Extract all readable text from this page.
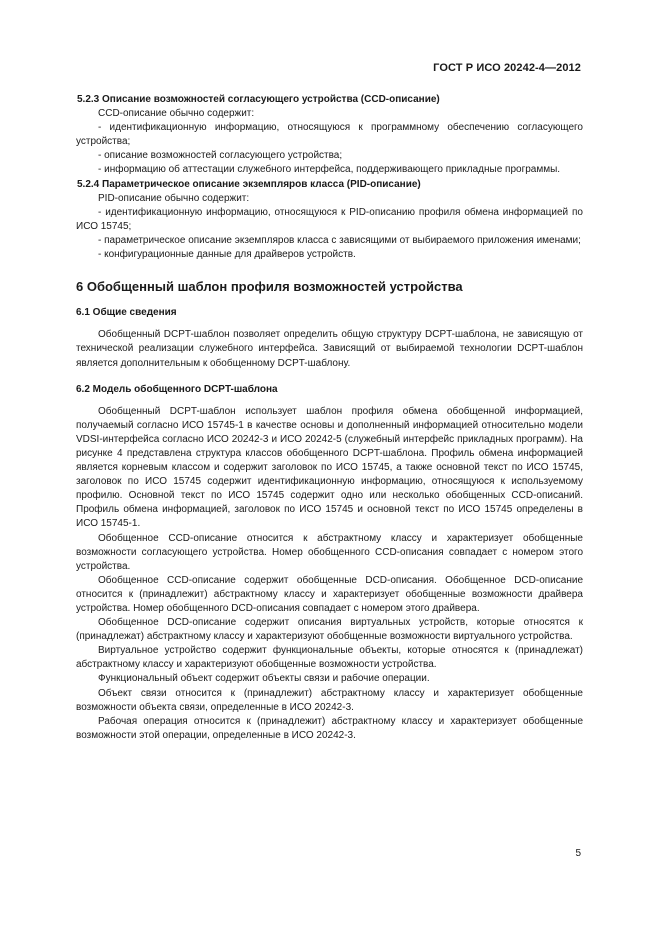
ГОСТ Р ИСО 20242-4—2012

5.2.3 Описание возможностей согласующего устройства (CCD-описание)

CCD-описание обычно содержит:

- идентификационную информацию, относящуюся к программному обеспечению согласующего устройства;

- описание возможностей согласующего устройства;

- информацию об аттестации служебного интерфейса, поддерживающего прикладные программы.

5.2.4 Параметрическое описание экземпляров класса (PID-описание)

PID-описание обычно содержит:

- идентификационную информацию, относящуюся к PID-описанию профиля обмена информацией по ИСО 15745;

- параметрическое описание экземпляров класса с зависящими от выбираемого приложения именами;

- конфигурационные данные для драйверов устройств.

6 Обобщенный шаблон профиля возможностей устройства
6.1 Общие сведения

Обобщенный DCPT-шаблон позволяет определить общую структуру DCPT-шаблона, не зависящую от технической реализации служебного интерфейса. Зависящий от выбираемой технологии DCPT-шаблон является дополнительным к обобщенному DCPT-шаблону.

6.2 Модель обобщенного DCPT-шаблона

Обобщенный DCPT-шаблон использует шаблон профиля обмена обобщенной информацией, получаемый согласно ИСО 15745-1 в качестве основы и дополненный информацией относительно модели VDSI-интерфейса согласно ИСО 20242-3 и ИСО 20242-5 (служебный интерфейс прикладных программ). На рисунке 4 представлена структура классов обобщенного DCPT-шаблона. Профиль обмена информацией является корневым классом и содержит заголовок по ИСО 15745, а также основной текст по ИСО 15745, заголовок по ИСО 15745 содержит идентификационную информацию, относящуюся к используемому профилю. Основной текст по ИСО 15745 содержит одно или несколько обобщенных CCD-описаний. Профиль обмена информацией, заголовок по ИСО 15745 и основной текст по ИСО 15745 определены в ИСО 15745-1.

Обобщенное CCD-описание относится к абстрактному классу и характеризует обобщенные возможности согласующего устройства. Номер обобщенного CCD-описания совпадает с номером этого устройства.

Обобщенное CCD-описание содержит обобщенные DCD-описания. Обобщенное DCD-описание относится к (принадлежит) абстрактному классу и характеризует обобщенные возможности драйвера устройства. Номер обобщенного DCD-описания совпадает с номером этого драйвера.

Обобщенное DCD-описание содержит описания виртуальных устройств, которые относятся к (принадлежат) абстрактному классу и характеризуют обобщенные возможности виртуального устройства.

Виртуальное устройство содержит функциональные объекты, которые относятся к (принадлежат) абстрактному классу и характеризуют обобщенные возможности устройства.

Функциональный объект содержит объекты связи и рабочие операции.

Объект связи относится к (принадлежит) абстрактному классу и характеризует обобщенные возможности объекта связи, определенные в ИСО 20242-3.

Рабочая операция относится к (принадлежит) абстрактному классу и характеризует обобщенные возможности этой операции, определенные в ИСО 20242-3.

5
